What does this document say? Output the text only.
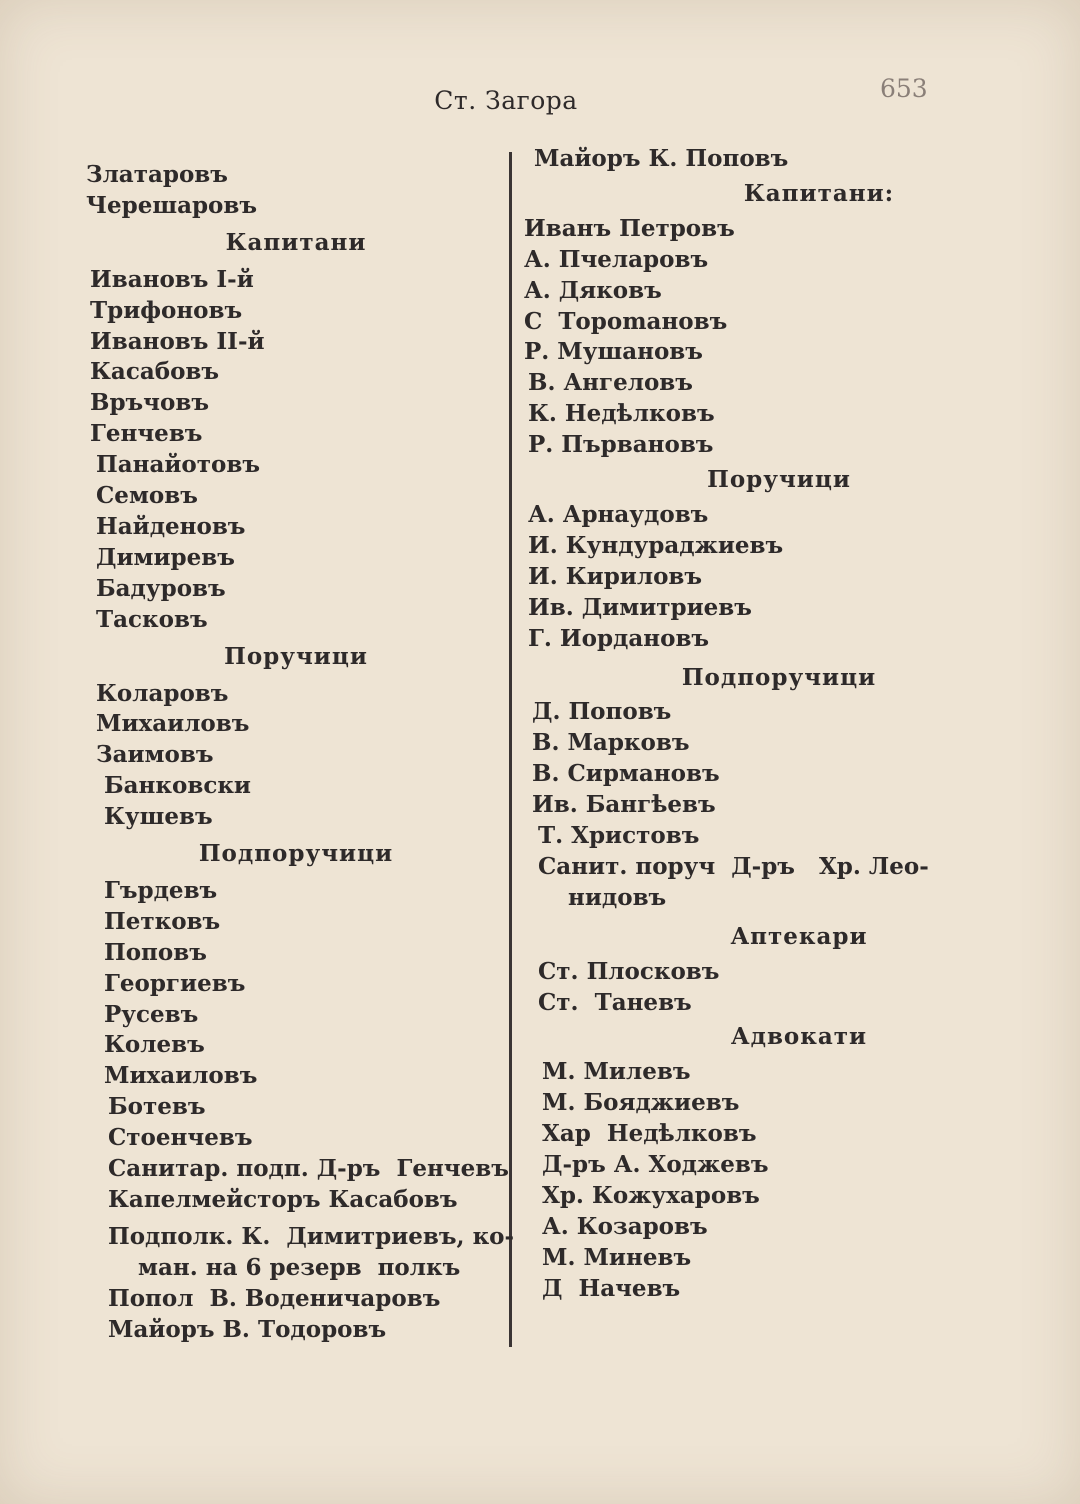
Ст. Загора	653
Златаровъ
Черешаровъ
Капитани
Ивановъ I-й
Трифоновъ
Ивановъ II-й
Касабовъ
Връчовъ
Генчевъ
Панайотовъ
Семовъ
Найденовъ
Димиревъ
Бадуровъ
Тасковъ
Поручици
Коларовъ
Михаиловъ
Заимовъ
Банковски
Кушевъ
Подпоручици
Гърдевъ
Петковъ
Поповъ
Георгиевъ
Русевъ
Колевъ
Михаиловъ
Ботевъ
Стоенчевъ
Санитар. подп. Д-ръ  Генчевъ
Капелмейсторъ Касабовъ
Подполк. К.  Димитриевъ, ко-
ман. на 6 резерв  полкъ
Попол  В. Воденичаровъ
Майоръ В. Тодоровъ
Майоръ К. Поповъ
Капитани:
Иванъ Петровъ
А. Пчеларовъ
А. Дяковъ
С  Тороmановъ
Р. Мушановъ
В. Ангеловъ
К. Недѣлковъ
Р. Първановъ
Поручици
А. Арнаудовъ
И. Кундураджиевъ
И. Кириловъ
Ив. Димитриевъ
Г. Иордановъ
Подпоручици
Д. Поповъ
В. Марковъ
В. Сирмановъ
Ив. Бангѣевъ
Т. Христовъ
Санит. поруч  Д-ръ   Хр. Лео-
нидовъ
Аптекари
Ст. Плосковъ
Ст.  Таневъ
Адвокати
М. Милевъ
М. Бояджиевъ
Хар  Недѣлковъ
Д-ръ А. Ходжевъ
Хр. Кожухаровъ
А. Козаровъ
М. Миневъ
Д  Начевъ
